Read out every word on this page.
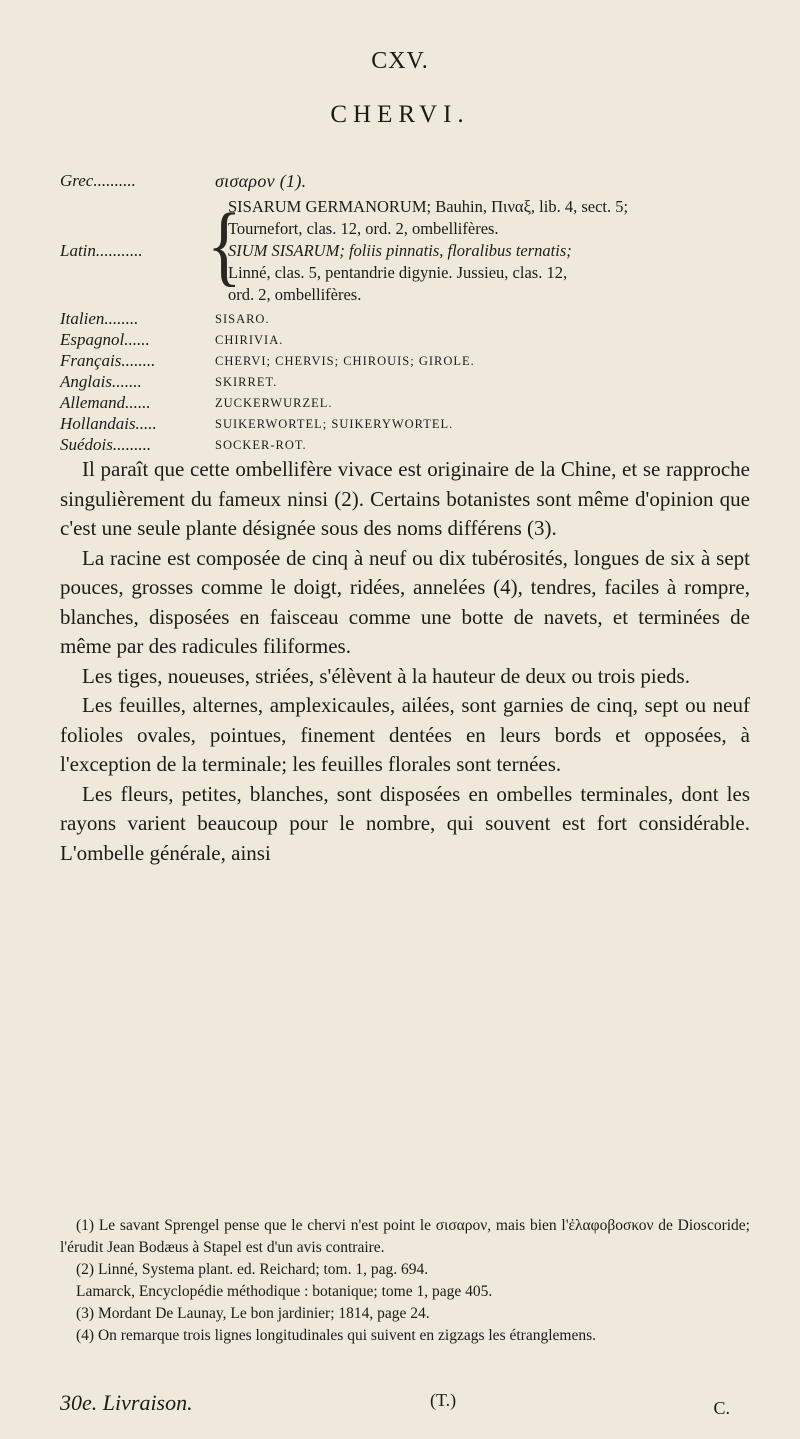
CXV.
CHERVI.
Grec..........	σισαρον (1).
Latin........... {
SISARUM GERMANORUM; Bauhin, Πιναξ, lib. 4, sect. 5;
Tournefort, clas. 12, ord. 2, ombellifères.
SIUM SISARUM; foliis pinnatis, floralibus ternatis;
Linné, clas. 5, pentandrie digynie. Jussieu, clas. 12,
ord. 2, ombellifères.
Italien........	SISARO.
Espagnol......	CHIRIVIA.
Français........	CHERVI; CHERVIS; CHIROUIS; GIROLE.
Anglais.......	SKIRRET.
Allemand......	ZUCKERWURZEL.
Hollandais.....	SUIKERWORTEL; SUIKERYWORTEL.
Suédois.........	SOCKER-ROT.

Il paraît que cette ombellifère vivace est originaire de la Chine, et se rapproche singulièrement du fameux ninsi (2). Certains botanistes sont même d'opinion que c'est une seule plante désignée sous des noms différens (3).

La racine est composée de cinq à neuf ou dix tubérosités, longues de six à sept pouces, grosses comme le doigt, ridées, annelées (4), tendres, faciles à rompre, blanches, disposées en faisceau comme une botte de navets, et terminées de même par des radicules filiformes.

Les tiges, noueuses, striées, s'élèvent à la hauteur de deux ou trois pieds.

Les feuilles, alternes, amplexicaules, ailées, sont garnies de cinq, sept ou neuf folioles ovales, pointues, finement dentées en leurs bords et opposées, à l'exception de la terminale; les feuilles florales sont ternées.

Les fleurs, petites, blanches, sont disposées en ombelles terminales, dont les rayons varient beaucoup pour le nombre, qui souvent est fort considérable. L'ombelle générale, ainsi

(1) Le savant Sprengel pense que le chervi n'est point le σισαρον, mais bien l'ἐλαφοβοσκον de Dioscoride; l'érudit Jean Bodæus à Stapel est d'un avis contraire.

(2) Linné, Systema plant. ed. Reichard; tom. 1, pag. 694.

Lamarck, Encyclopédie méthodique : botanique; tome 1, page 405.

(3) Mordant De Launay, Le bon jardinier; 1814, page 24.

(4) On remarque trois lignes longitudinales qui suivent en zigzags les étranglemens.

30e. Livraison.	(T.)	C.
